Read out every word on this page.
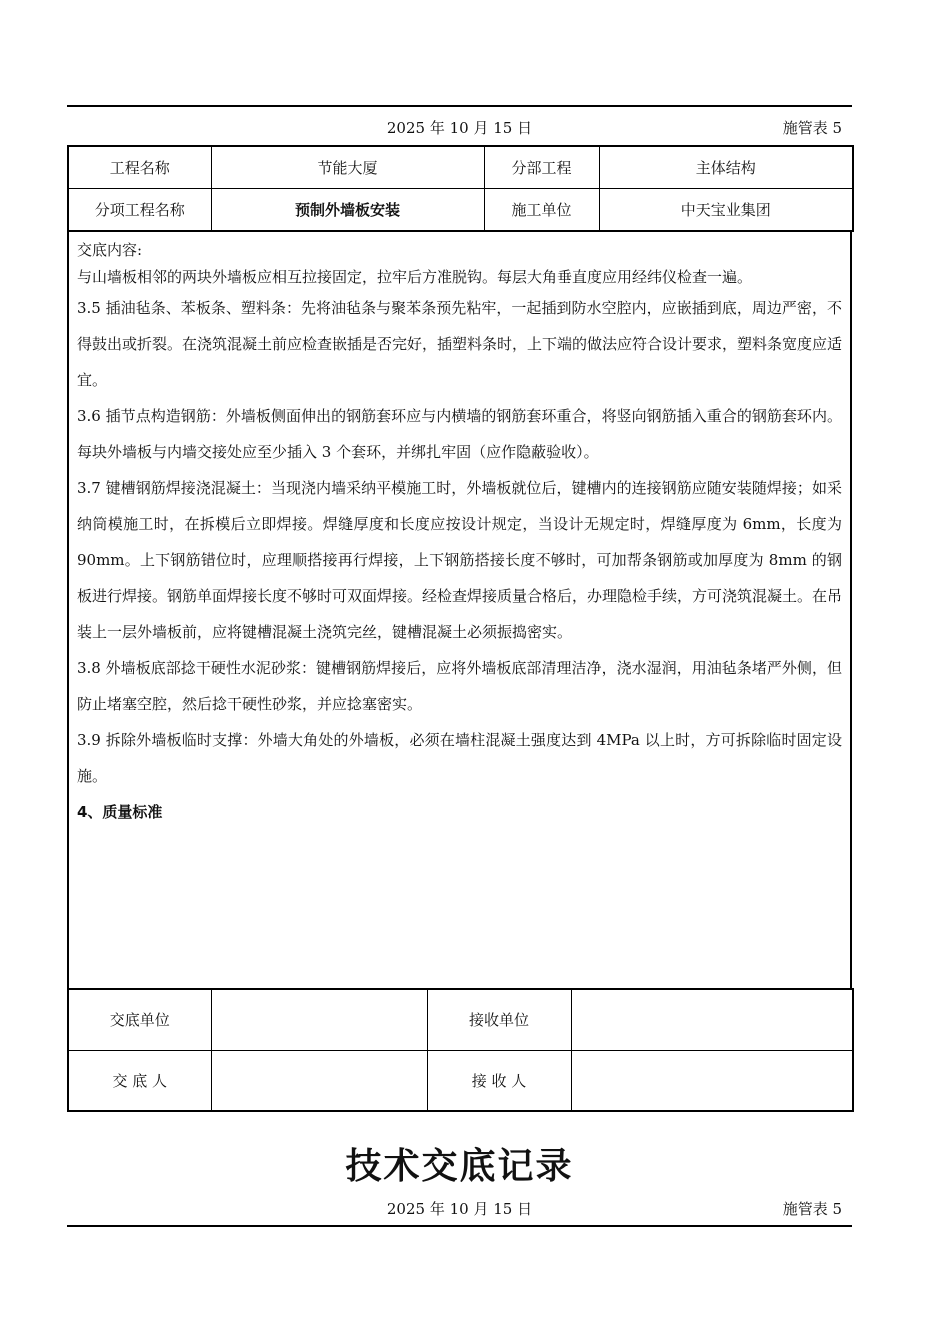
2025 年 10 月 15 日	施管表 5
工程名称	节能大厦	分部工程	主体结构
分项工程名称	预制外墙板安装	施工单位	中天宝业集团
交底内容:

与山墙板相邻的两块外墙板应相互拉接固定，拉牢后方准脱钩。每层大角垂直度应用经纬仪检查一遍。

3.5 插油毡条、苯板条、塑料条：先将油毡条与聚苯条预先粘牢，一起插到防水空腔内，应嵌插到底，周边严密，不得鼓出或折裂。在浇筑混凝土前应检查嵌插是否完好，插塑料条时，上下端的做法应符合设计要求，塑料条宽度应适宜。

3.6 插节点构造钢筋：外墙板侧面伸出的钢筋套环应与内横墙的钢筋套环重合，将竖向钢筋插入重合的钢筋套环内。每块外墙板与内墙交接处应至少插入 3 个套环，并绑扎牢固（应作隐蔽验收）。

3.7 键槽钢筋焊接浇混凝土：当现浇内墙采纳平模施工时，外墙板就位后，键槽内的连接钢筋应随安装随焊接；如采纳筒模施工时，在拆模后立即焊接。焊缝厚度和长度应按设计规定，当设计无规定时，焊缝厚度为 6mm，长度为 90mm。上下钢筋错位时，应理顺搭接再行焊接，上下钢筋搭接长度不够时，可加帮条钢筋或加厚度为 8mm 的钢板进行焊接。钢筋单面焊接长度不够时可双面焊接。经检查焊接质量合格后，办理隐检手续，方可浇筑混凝土。在吊装上一层外墙板前，应将键槽混凝土浇筑完丝，键槽混凝土必须振捣密实。

3.8 外墙板底部捻干硬性水泥砂浆：键槽钢筋焊接后，应将外墙板底部清理洁净，浇水湿润，用油毡条堵严外侧，但防止堵塞空腔，然后捻干硬性砂浆，并应捻塞密实。

3.9 拆除外墙板临时支撑：外墙大角处的外墙板，必须在墙柱混凝土强度达到 4MPa 以上时，方可拆除临时固定设施。

4、质量标准
交底单位		接收单位	
交 底 人		接 收 人	
技术交底记录
2025 年 10 月 15 日	施管表 5
